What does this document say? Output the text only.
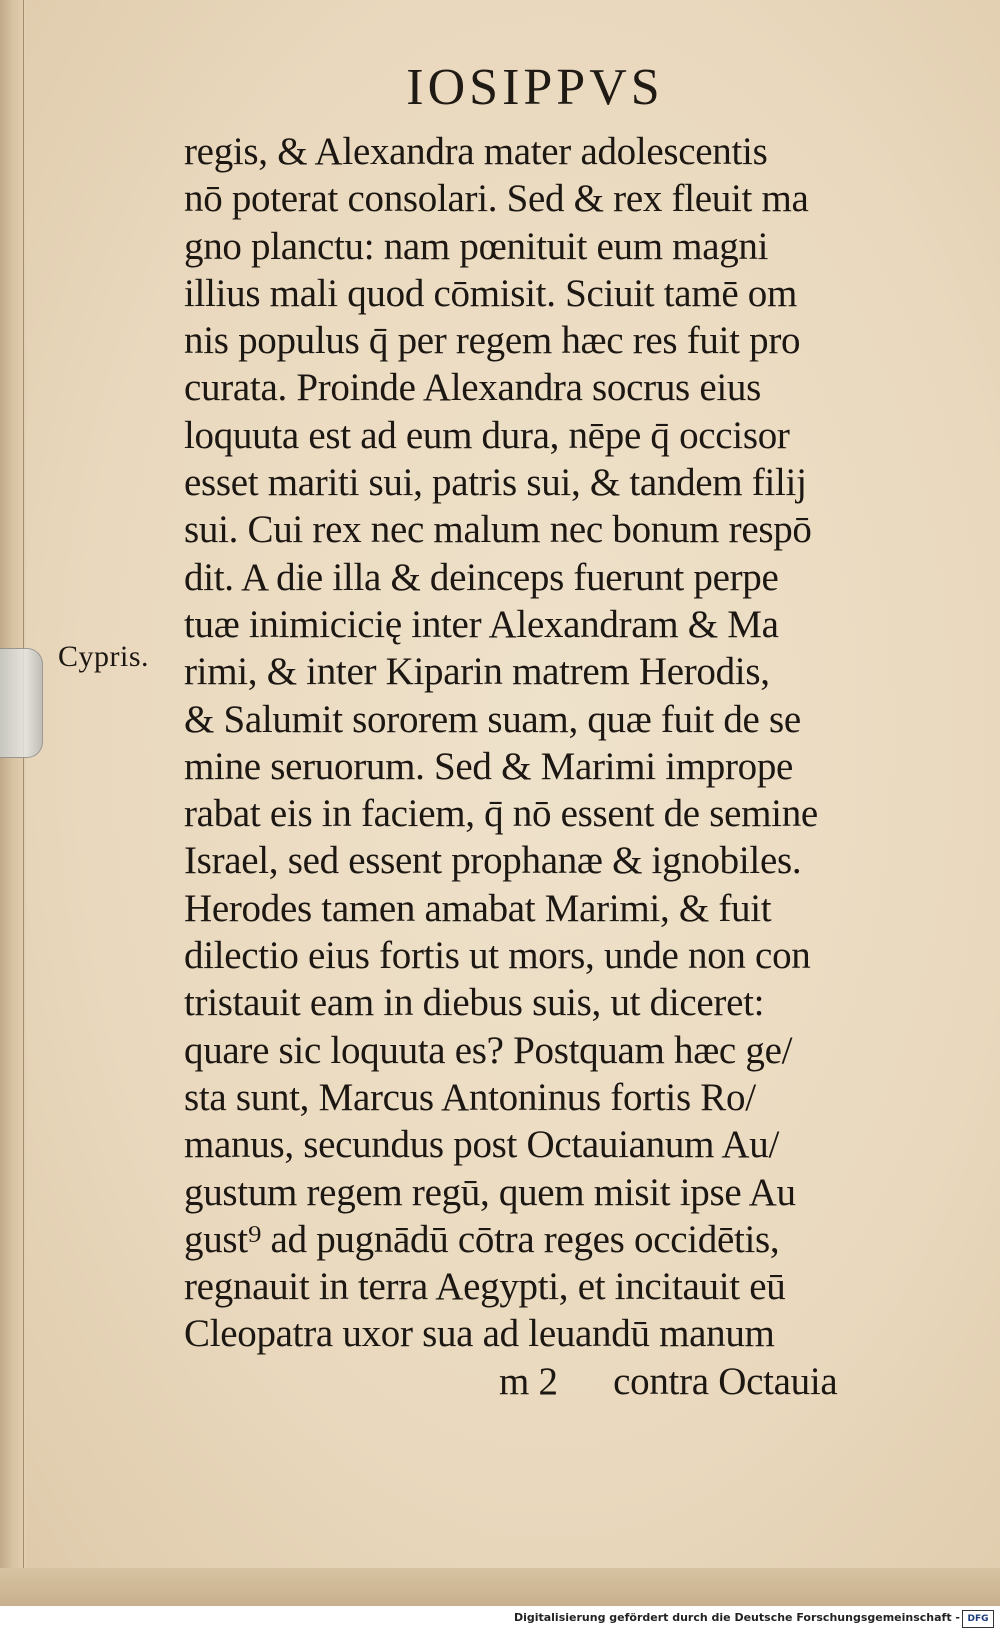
IOSIPPVS
Cypris.
regis, & Alexandra mater adolescentis
nō poterat consolari. Sed & rex fleuit ma
gno planctu: nam pœnituit eum magni
illius mali quod cōmisit. Sciuit tamē om
nis populus q̄ per regem hæc res fuit pro
curata. Proinde Alexandra socrus eius
loquuta est ad eum dura, nēpe q̄ occisor
esset mariti sui, patris sui, & tandem filij
sui. Cui rex nec malum nec bonum respō
dit. A die illa & deinceps fuerunt perpe
tuæ inimicicię inter Alexandram & Ma
rimi, & inter Kiparin matrem Herodis,
& Salumit sororem suam, quæ fuit de se
mine seruorum. Sed & Marimi imprope
rabat eis in faciem, q̄ nō essent de semine
Israel, sed essent prophanæ & ignobiles.
Herodes tamen amabat Marimi, & fuit
dilectio eius fortis ut mors, unde non con
tristauit eam in diebus suis, ut diceret:
quare sic loquuta es? Postquam hæc ge/
sta sunt, Marcus Antoninus fortis Ro/
manus, secundus post Octauianum Au/
gustum regem regū, quem misit ipse Au
gust⁹ ad pugnādū cōtra reges occidētis,
regnauit in terra Aegypti, et incitauit eū
Cleopatra uxor sua ad leuandū manum
m 2 contra Octauia
Digitalisierung gefördert durch die Deutsche Forschungsgemeinschaft - DFG
